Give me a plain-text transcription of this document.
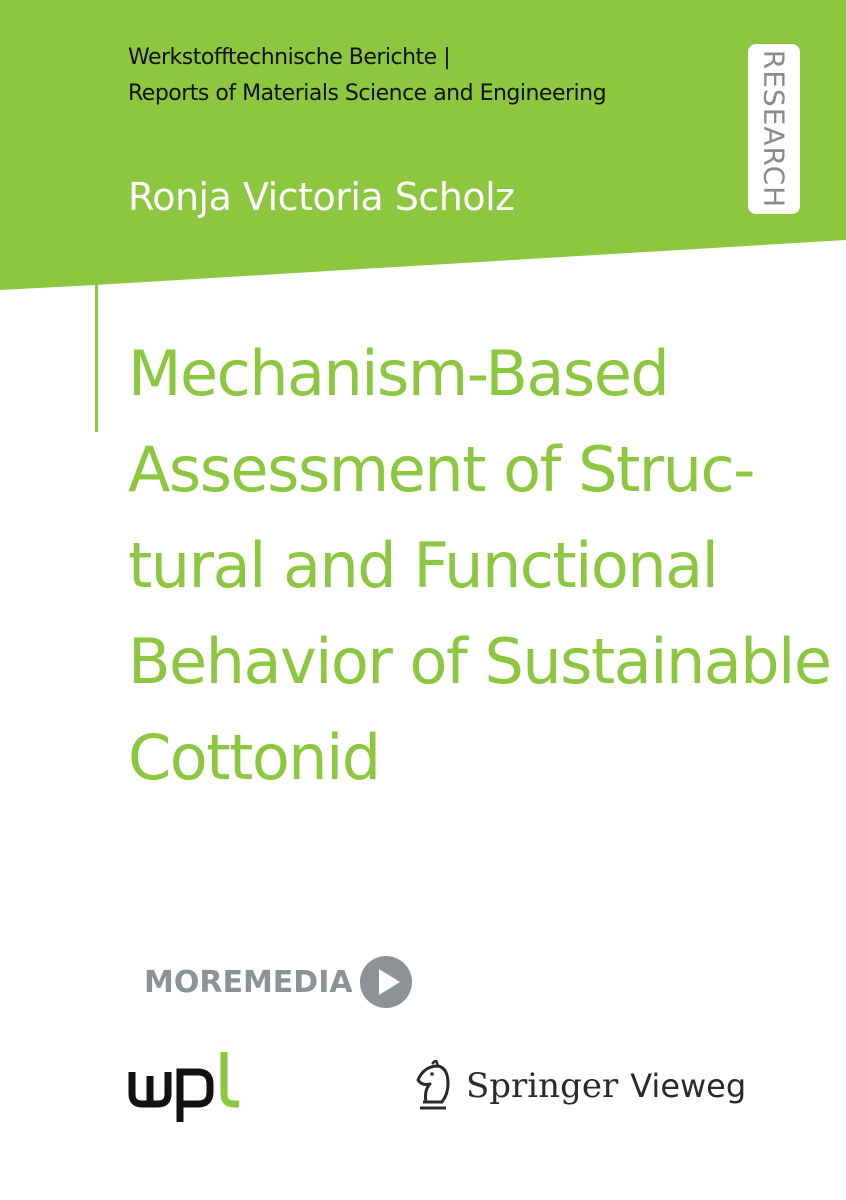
Werkstofftechnische Berichte |
Reports of Materials Science and Engineering
Ronja Victoria Scholz	RESEARCH
Mechanism-Based
Assessment of Struc-
tural and Functional
Behavior of Sustainable
Cottonid
MOREMEDIA
Springer Vieweg
